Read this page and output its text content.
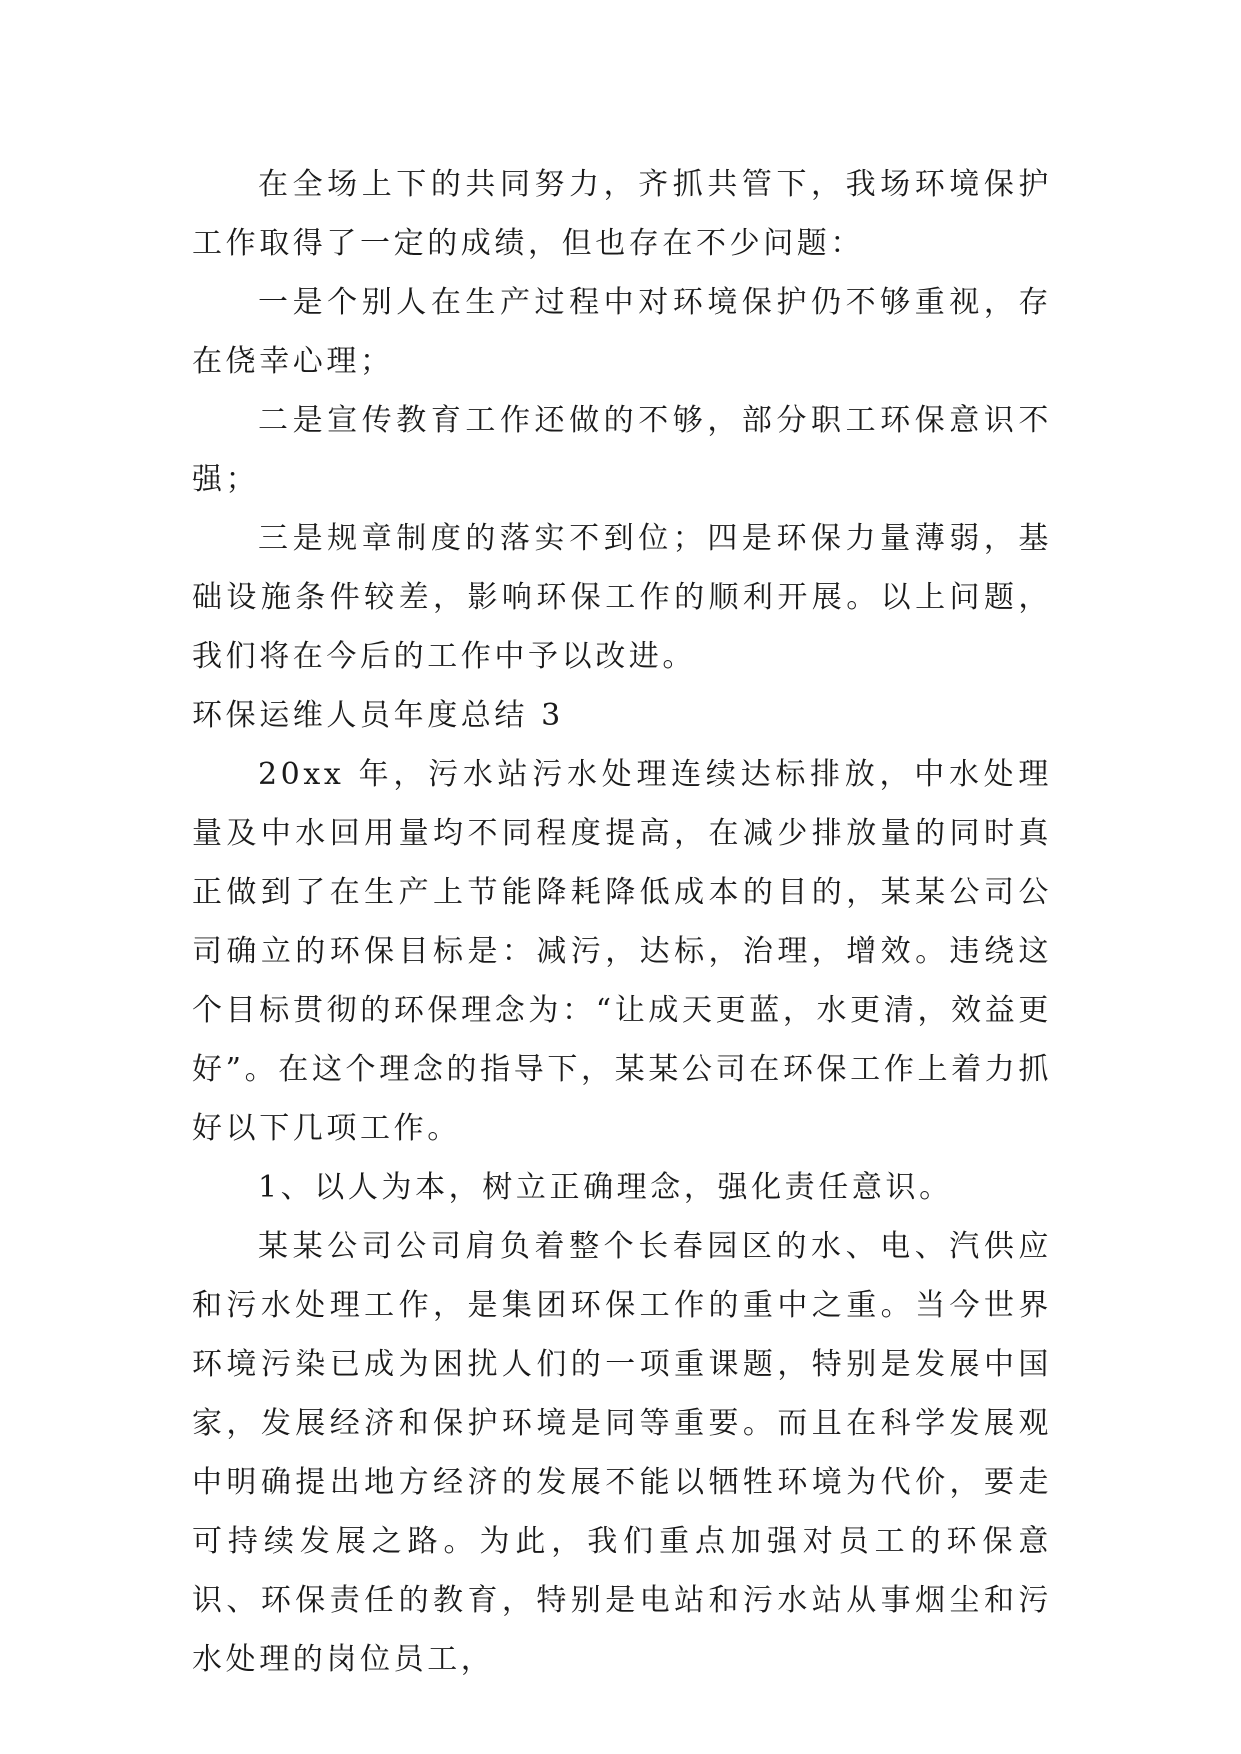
在全场上下的共同努力，齐抓共管下，我场环境保护工作取得了一定的成绩，但也存在不少问题：

一是个别人在生产过程中对环境保护仍不够重视，存在侥幸心理；

二是宣传教育工作还做的不够，部分职工环保意识不强；

三是规章制度的落实不到位；四是环保力量薄弱，基础设施条件较差，影响环保工作的顺利开展。以上问题，我们将在今后的工作中予以改进。

环保运维人员年度总结 3

20xx 年，污水站污水处理连续达标排放，中水处理量及中水回用量均不同程度提高，在减少排放量的同时真正做到了在生产上节能降耗降低成本的目的，某某公司公司确立的环保目标是：减污，达标，治理，增效。违绕这个目标贯彻的环保理念为：“让成天更蓝，水更清，效益更好”。在这个理念的指导下，某某公司在环保工作上着力抓好以下几项工作。

1、以人为本，树立正确理念，强化责任意识。

某某公司公司肩负着整个长春园区的水、电、汽供应和污水处理工作，是集团环保工作的重中之重。当今世界环境污染已成为困扰人们的一项重课题，特别是发展中国家，发展经济和保护环境是同等重要。而且在科学发展观中明确提出地方经济的发展不能以牺牲环境为代价，要走可持续发展之路。为此，我们重点加强对员工的环保意识、环保责任的教育，特别是电站和污水站从事烟尘和污水处理的岗位员工，
